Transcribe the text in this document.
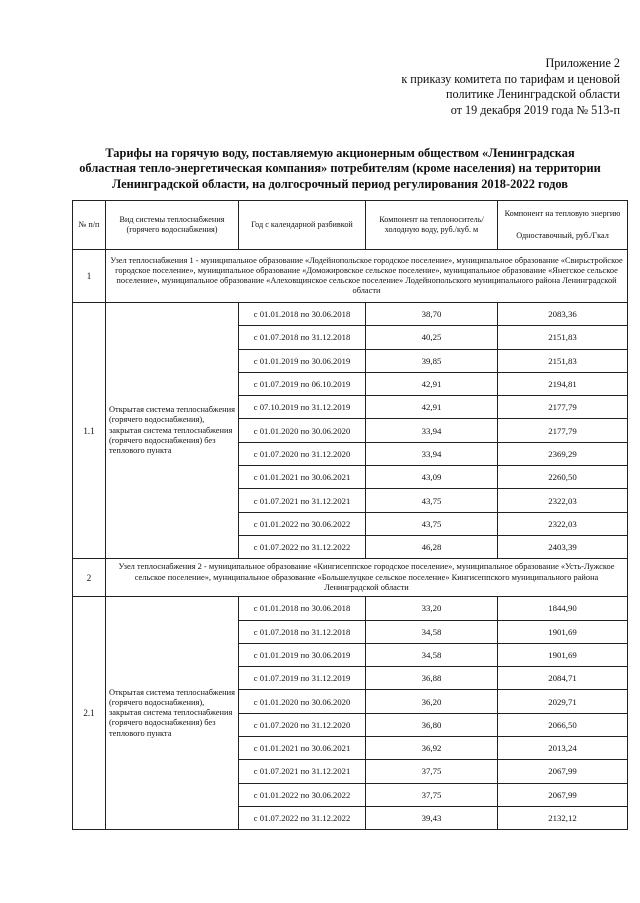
Приложение 2
к приказу комитета по тарифам и ценовой
политике Ленинградской области
от 19 декабря 2019 года № 513-п
Тарифы на горячую воду, поставляемую акционерным обществом «Ленинградская
областная тепло-энергетическая компания» потребителям (кроме населения) на территории
Ленинградской области, на долгосрочный период регулирования 2018-2022 годов
№ п/п	Вид системы теплоснабжения (горячего водоснабжения)	Год с календарной разбивкой	Компонент на теплоноситель/ холодную воду, руб./куб. м	Компонент на тепловую энергию
Одноставочный, руб./Гкал

1	Узел теплоснабжения 1 - муниципальное образование «Лодейнопольское городское поселение», муниципальное образование «Свирьстройское городское поселение», муниципальное образование «Доможировское сельское поселение», муниципальное образование «Янегское сельское поселение», муниципальное образование «Алеховщинское сельское поселение» Лодейнопольского муниципального района Ленинградской области			
1.1	Открытая система теплоснабжения (горячего водоснабжения), закрытая система теплоснабжения (горячего водоснабжения) без теплового пункта	с 01.01.2018 по 30.06.2018	38,70	2083,36
		с 01.07.2018 по 31.12.2018	40,25	2151,83
		с 01.01.2019 по 30.06.2019	39,85	2151,83
		с 01.07.2019 по 06.10.2019	42,91	2194,81
		с 07.10.2019 по 31.12.2019	42,91	2177,79
		с 01.01.2020 по 30.06.2020	33,94	2177,79
		с 01.07.2020 по 31.12.2020	33,94	2369,29
		с 01.01.2021 по 30.06.2021	43,09	2260,50
		с 01.07.2021 по 31.12.2021	43,75	2322,03
		с 01.01.2022 по 30.06.2022	43,75	2322,03
		с 01.07.2022 по 31.12.2022	46,28	2403,39
2	Узел теплоснабжения 2 - муниципальное образование «Кингисеппское городское поселение», муниципальное образование «Усть-Лужское сельское поселение», муниципальное образование «Большелуцкое сельское поселение» Кингисеппского муниципального района Ленинградской области			
2.1	Открытая система теплоснабжения (горячего водоснабжения), закрытая система теплоснабжения (горячего водоснабжения) без теплового пункта	с 01.01.2018 по 30.06.2018	33,20	1844,90
		с 01.07.2018 по 31.12.2018	34,58	1901,69
		с 01.01.2019 по 30.06.2019	34,58	1901,69
		с 01.07.2019 по 31.12.2019	36,88	2084,71
		с 01.01.2020 по 30.06.2020	36,20	2029,71
		с 01.07.2020 по 31.12.2020	36,80	2066,50
		с 01.01.2021 по 30.06.2021	36,92	2013,24
		с 01.07.2021 по 31.12.2021	37,75	2067,99
		с 01.01.2022 по 30.06.2022	37,75	2067,99
		с 01.07.2022 по 31.12.2022	39,43	2132,12
